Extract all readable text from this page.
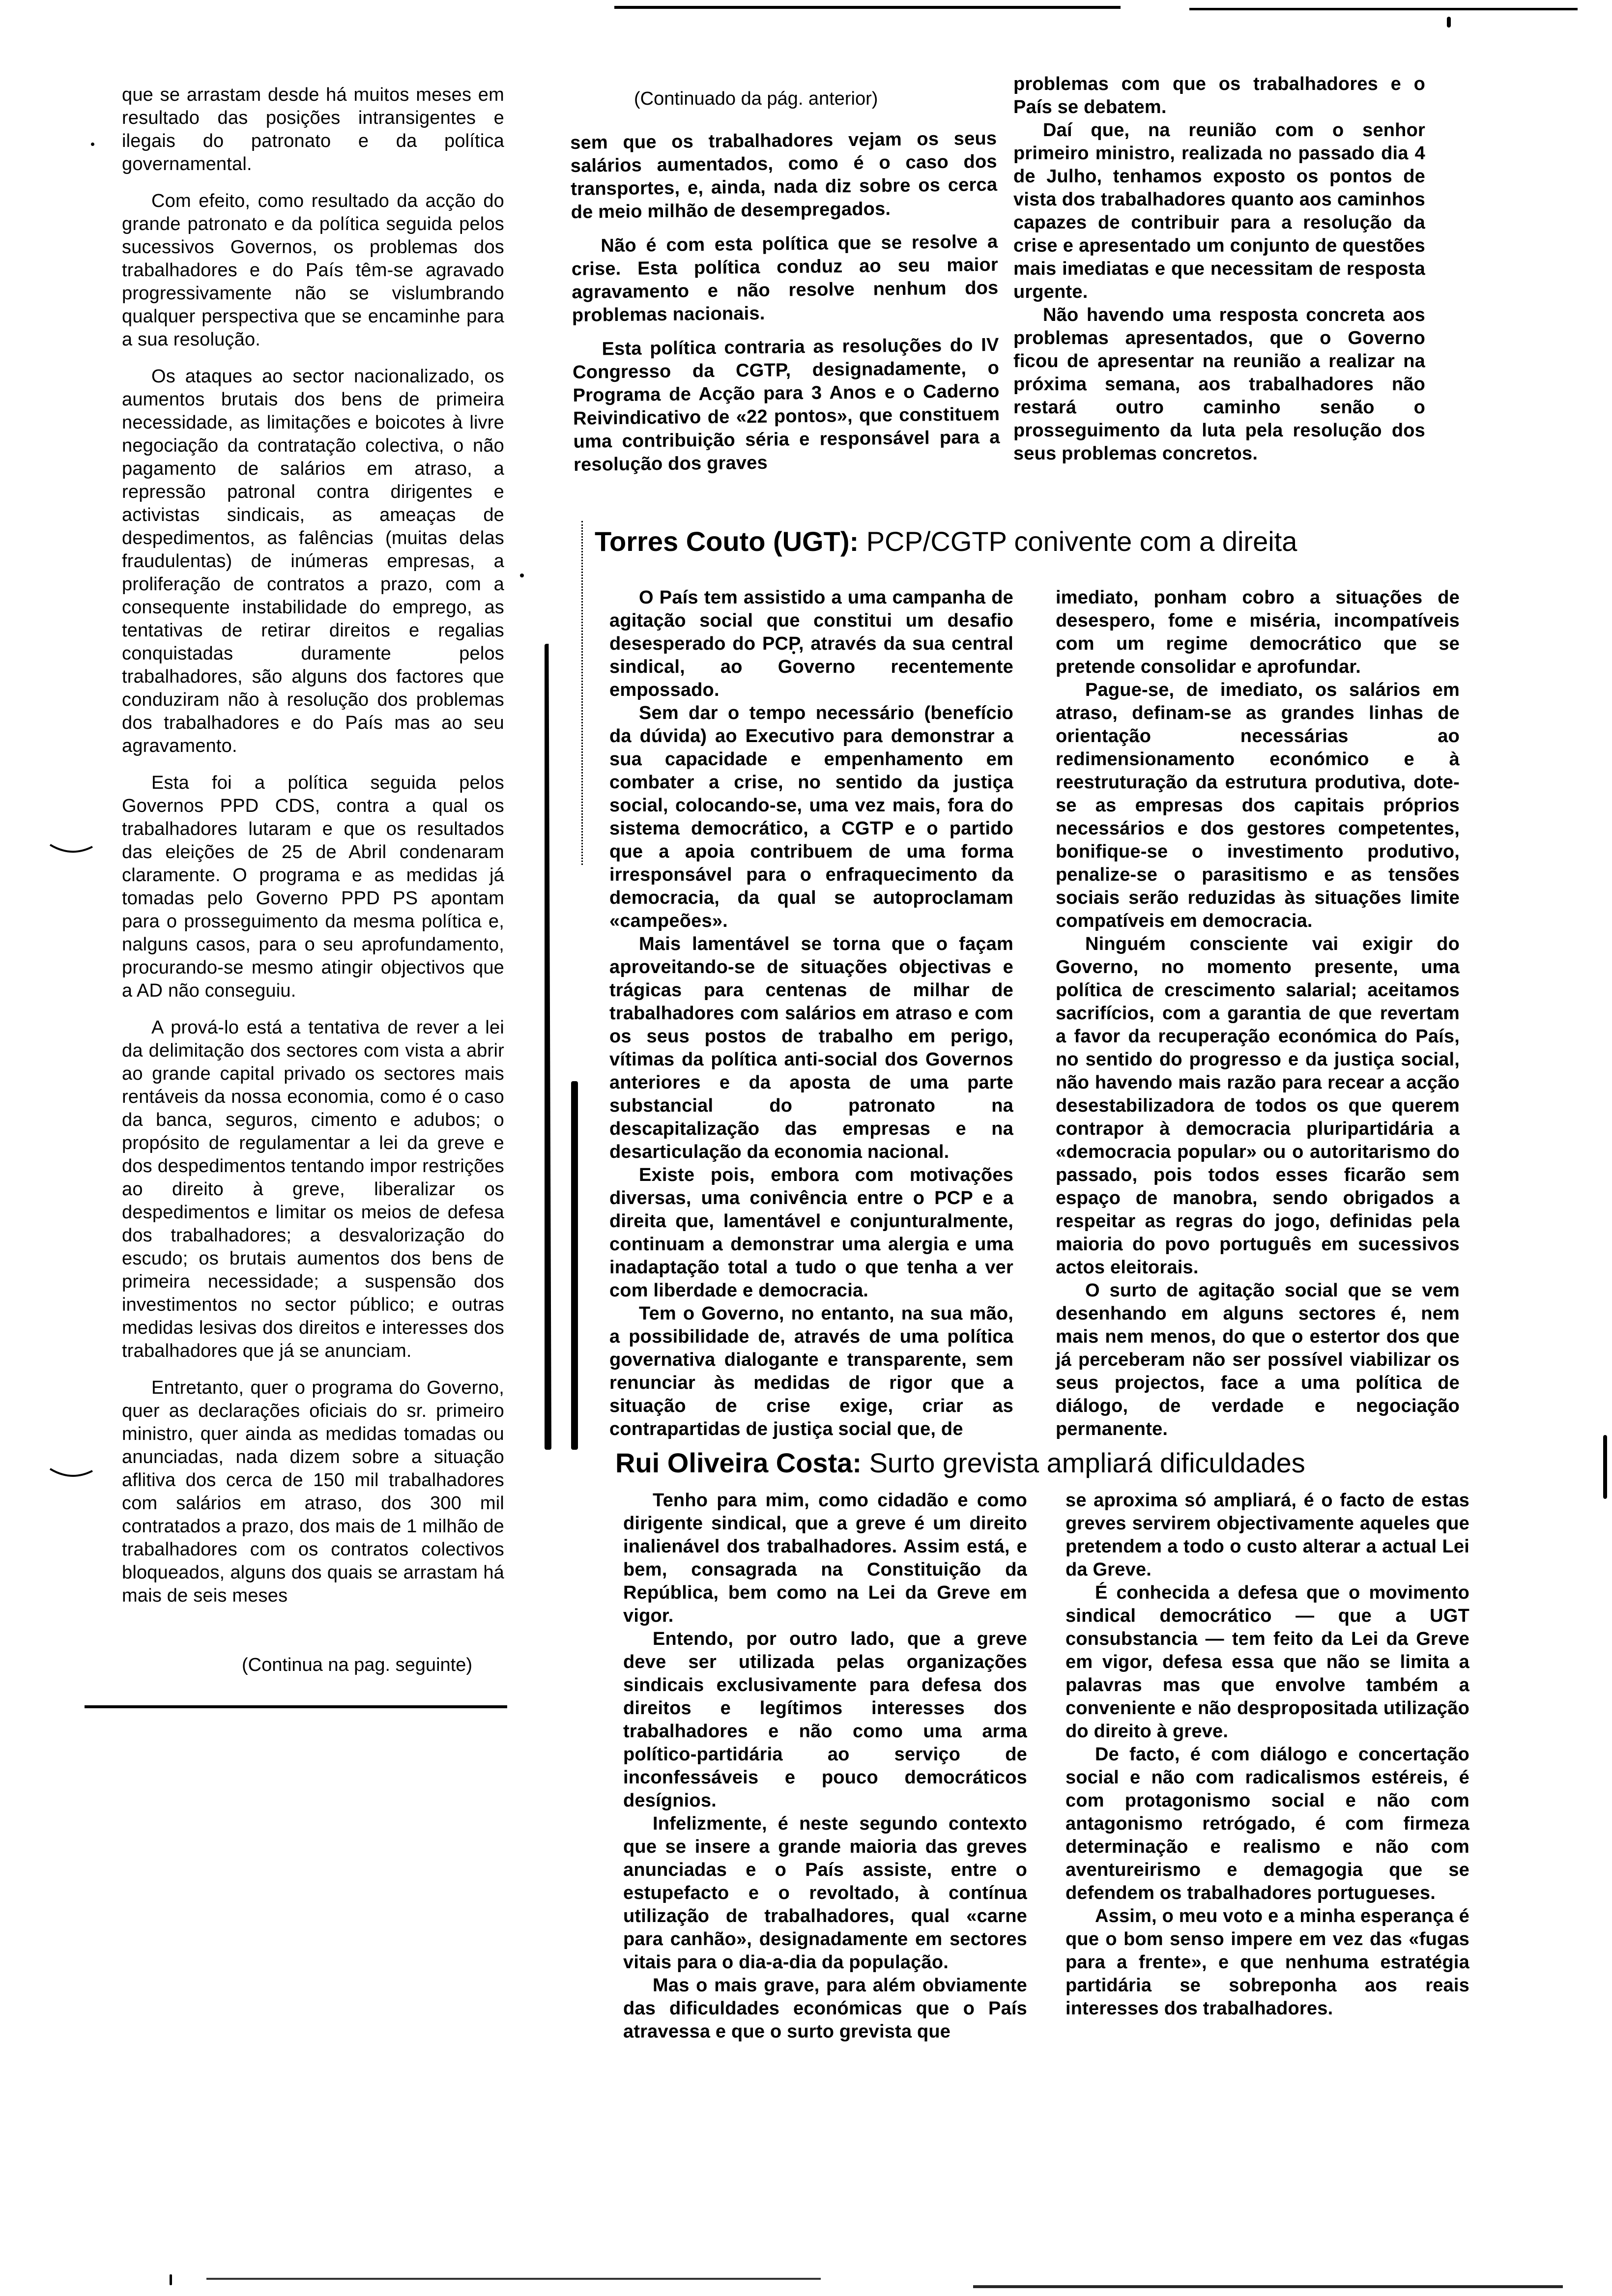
que se arrastam desde há muitos meses em resultado das posições intransigentes e ilegais do patronato e da política governamental.

Com efeito, como resultado da acção do grande patronato e da política seguida pelos sucessivos Governos, os problemas dos trabalhadores e do País têm-se agravado progressivamente não se vislumbrando qualquer perspectiva que se encaminhe para a sua resolução.

Os ataques ao sector nacionalizado, os aumentos brutais dos bens de primeira necessidade, as limitações e boicotes à livre negociação da contratação colectiva, o não pagamento de salários em atraso, a repressão patronal contra dirigentes e activistas sindicais, as ameaças de despedimentos, as falências (muitas delas fraudulentas) de inúmeras empresas, a proliferação de contratos a prazo, com a consequente instabilidade do emprego, as tentativas de retirar direitos e regalias conquistadas duramente pelos trabalhadores, são alguns dos factores que conduziram não à resolução dos problemas dos trabalhadores e do País mas ao seu agravamento.

Esta foi a política seguida pelos Governos PPD CDS, contra a qual os trabalhadores lutaram e que os resultados das eleições de 25 de Abril condenaram claramente. O programa e as medidas já tomadas pelo Governo PPD PS apontam para o prosseguimento da mesma política e, nalguns casos, para o seu aprofundamento, procurando-se mesmo atingir objectivos que a AD não conseguiu.

A prová-lo está a tentativa de rever a lei da delimitação dos sectores com vista a abrir ao grande capital privado os sectores mais rentáveis da nossa economia, como é o caso da banca, seguros, cimento e adubos; o propósito de regulamentar a lei da greve e dos despedimentos tentando impor restrições ao direito à greve, liberalizar os despedimentos e limitar os meios de defesa dos trabalhadores; a desvalorização do escudo; os brutais aumentos dos bens de primeira necessidade; a suspensão dos investimentos no sector público; e outras medidas lesivas dos direitos e interesses dos trabalhadores que já se anunciam.

Entretanto, quer o programa do Governo, quer as declarações oficiais do sr. primeiro ministro, quer ainda as medidas tomadas ou anunciadas, nada dizem sobre a situação aflitiva dos cerca de 150 mil trabalhadores com salários em atraso, dos 300 mil contratados a prazo, dos mais de 1 milhão de trabalhadores com os contratos colectivos bloqueados, alguns dos quais se arrastam há mais de seis meses

(Continua na pag. seguinte)
(Continuado da pág. anterior)

sem que os trabalhadores vejam os seus salários aumentados, como é o caso dos transportes, e, ainda, nada diz sobre os cerca de meio milhão de desempregados.

Não é com esta política que se resolve a crise. Esta política conduz ao seu maior agravamento e não resolve nenhum dos problemas nacionais.

Esta política contraria as resoluções do IV Congresso da CGTP, designadamente, o Programa de Acção para 3 Anos e o Caderno Reivindicativo de «22 pontos», que constituem uma contribuição séria e responsável para a resolução dos graves

problemas com que os trabalhadores e o País se debatem.

Daí que, na reunião com o senhor primeiro ministro, realizada no passado dia 4 de Julho, tenhamos exposto os pontos de vista dos trabalhadores quanto aos caminhos capazes de contribuir para a resolução da crise e apresentado um conjunto de questões mais imediatas e que necessitam de resposta urgente.

Não havendo uma resposta concreta aos problemas apresentados, que o Governo ficou de apresentar na reunião a realizar na próxima semana, aos trabalhadores não restará outro caminho senão o prosseguimento da luta pela resolução dos seus problemas concretos.

Torres Couto (UGT): PCP/CGTP conivente com a direita

O País tem assistido a uma campanha de agitação social que constitui um desafio desesperado do PCP, através da sua central sindical, ao Governo recentemente empossado.

Sem dar o tempo necessário (benefício da dúvida) ao Executivo para demonstrar a sua capacidade e empenhamento em combater a crise, no sentido da justiça social, colocando-se, uma vez mais, fora do sistema democrático, a CGTP e o partido que a apoia contribuem de uma forma irresponsável para o enfraquecimento da democracia, da qual se autoproclamam «campeões».

Mais lamentável se torna que o façam aproveitando-se de situações objectivas e trágicas para centenas de milhar de trabalhadores com salários em atraso e com os seus postos de trabalho em perigo, vítimas da política anti-social dos Governos anteriores e da aposta de uma parte substancial do patronato na descapitalização das empresas e na desarticulação da economia nacional.

Existe pois, embora com motivações diversas, uma conivência entre o PCP e a direita que, lamentável e conjunturalmente, continuam a demonstrar uma alergia e uma inadaptação total a tudo o que tenha a ver com liberdade e democracia.

Tem o Governo, no entanto, na sua mão, a possibilidade de, através de uma política governativa dialogante e transparente, sem renunciar às medidas de rigor que a situação de crise exige, criar as contrapartidas de justiça social que, de

imediato, ponham cobro a situações de desespero, fome e miséria, incompatíveis com um regime democrático que se pretende consolidar e aprofundar.

Pague-se, de imediato, os salários em atraso, definam-se as grandes linhas de orientação necessárias ao redimensionamento económico e à reestruturação da estrutura produtiva, dote-se as empresas dos capitais próprios necessários e dos gestores competentes, bonifique-se o investimento produtivo, penalize-se o parasitismo e as tensões sociais serão reduzidas às situações limite compatíveis em democracia.

Ninguém consciente vai exigir do Governo, no momento presente, uma política de crescimento salarial; aceitamos sacrifícios, com a garantia de que revertam a favor da recuperação económica do País, no sentido do progresso e da justiça social, não havendo mais razão para recear a acção desestabilizadora de todos os que querem contrapor à democracia pluripartidária a «democracia popular» ou o autoritarismo do passado, pois todos esses ficarão sem espaço de manobra, sendo obrigados a respeitar as regras do jogo, definidas pela maioria do povo português em sucessivos actos eleitorais.

O surto de agitação social que se vem desenhando em alguns sectores é, nem mais nem menos, do que o estertor dos que já perceberam não ser possível viabilizar os seus projectos, face a uma política de diálogo, de verdade e negociação permanente.

Rui Oliveira Costa: Surto grevista ampliará dificuldades

Tenho para mim, como cidadão e como dirigente sindical, que a greve é um direito inalienável dos trabalhadores. Assim está, e bem, consagrada na Constituição da República, bem como na Lei da Greve em vigor.

Entendo, por outro lado, que a greve deve ser utilizada pelas organizações sindicais exclusivamente para defesa dos direitos e legítimos interesses dos trabalhadores e não como uma arma político-partidária ao serviço de inconfessáveis e pouco democráticos desígnios.

Infelizmente, é neste segundo contexto que se insere a grande maioria das greves anunciadas e o País assiste, entre o estupefacto e o revoltado, à contínua utilização de trabalhadores, qual «carne para canhão», designadamente em sectores vitais para o dia-a-dia da população.

Mas o mais grave, para além obviamente das dificuldades económicas que o País atravessa e que o surto grevista que

se aproxima só ampliará, é o facto de estas greves servirem objectivamente aqueles que pretendem a todo o custo alterar a actual Lei da Greve.

É conhecida a defesa que o movimento sindical democrático — que a UGT consubstancia — tem feito da Lei da Greve em vigor, defesa essa que não se limita a palavras mas que envolve também a conveniente e não despropositada utilização do direito à greve.

De facto, é com diálogo e concertação social e não com radicalismos estéreis, é com protagonismo social e não com antagonismo retrógado, é com firmeza determinação e realismo e não com aventureirismo e demagogia que se defendem os trabalhadores portugueses.

Assim, o meu voto e a minha esperança é que o bom senso impere em vez das «fugas para a frente», e que nenhuma estratégia partidária se sobreponha aos reais interesses dos trabalhadores.
